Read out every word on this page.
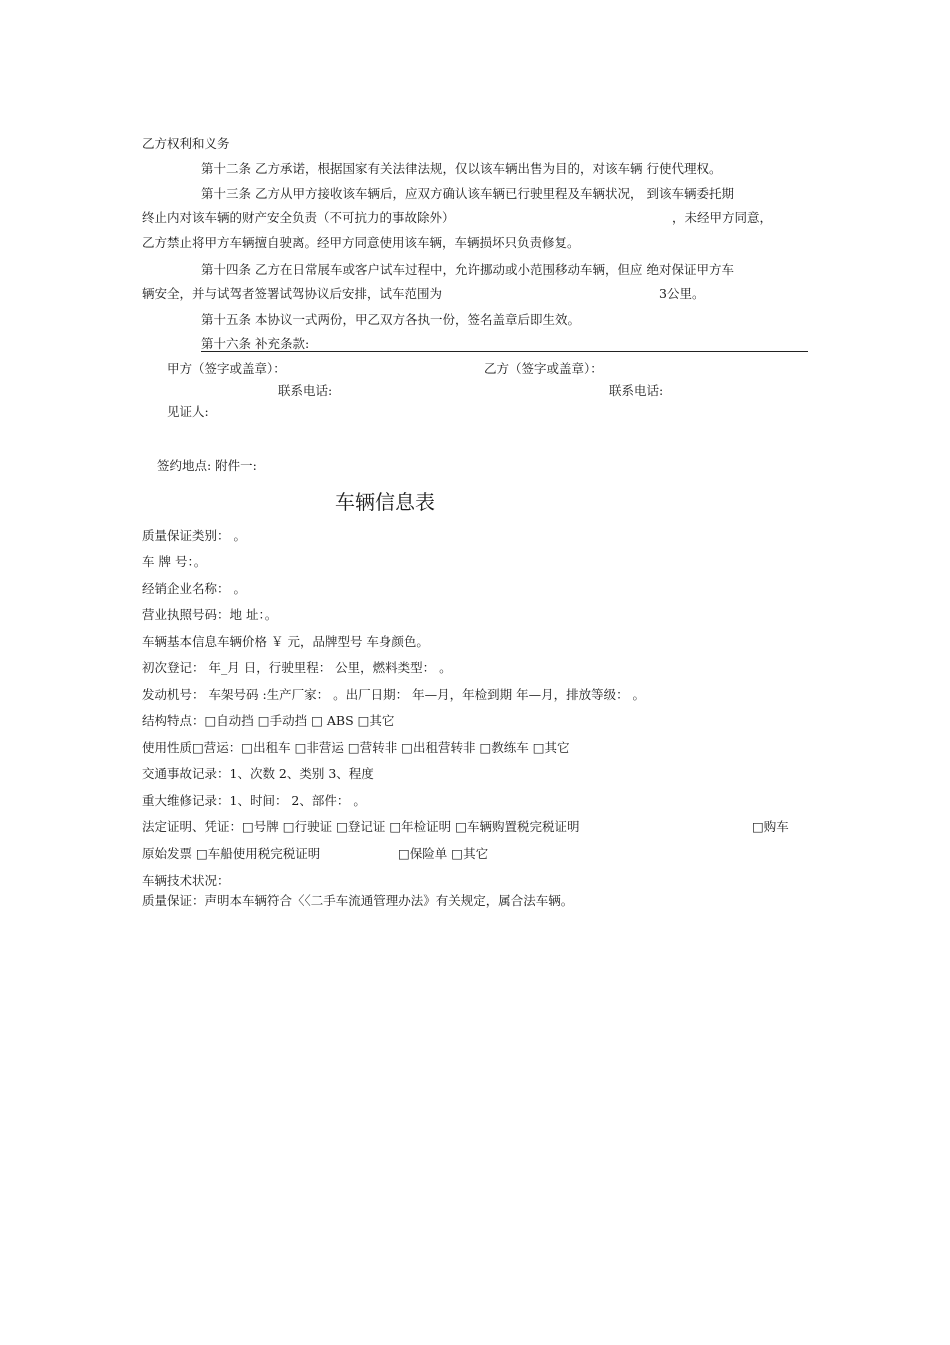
乙方权利和义务
第十二条 乙方承诺，根据国家有关法律法规，仅以该车辆出售为目的，对该车辆 行使代理权。
第十三条 乙方从甲方接收该车辆后，应双方确认该车辆已行驶里程及车辆状况， 到该车辆委托期
终止内对该车辆的财产安全负责（不可抗力的事故除外）	，未经甲方同意，
乙方禁止将甲方车辆擅自驶离。经甲方同意使用该车辆，车辆损坏只负责修复。
第十四条 乙方在日常展车或客户试车过程中，允许挪动或小范围移动车辆，但应 绝对保证甲方车
辆安全，并与试驾者签署试驾协议后安排，试车范围为	3公里。
第十五条 本协议一式两份，甲乙双方各执一份，签名盖章后即生效。
第十六条 补充条款:
甲方（签字或盖章）：	乙方（签字或盖章）：
联系电话:	联系电话:
见证人:
签约地点: 附件一:
车辆信息表
质量保证类别： 。
车 牌 号：。
经销企业名称： 。
营业执照号码：地 址：。
车辆基本信息车辆价格 ￥ 元，品牌型号 车身颜色。
初次登记： 年_月 日，行驶里程： 公里，燃料类型： 。
发动机号： 车架号码 :生产厂家： 。出厂日期： 年—月，年检到期 年—月，排放等级： 。
结构特点：□自动挡 □手动挡 □ ABS □其它
使用性质□营运：□出租车 □非营运 □营转非 □出租营转非 □教练车 □其它
交通事故记录：1、次数 2、类别 3、程度
重大维修记录：1、时间： 2、部件： 。
法定证明、凭证：□号牌 □行驶证 □登记证 □年检证明 □车辆购置税完税证明	□购车
原始发票 □车船使用税完税证明	□保险单 □其它
车辆技术状况：
质量保证：声明本车辆符合〈〈二手车流通管理办法》有关规定，属合法车辆。
